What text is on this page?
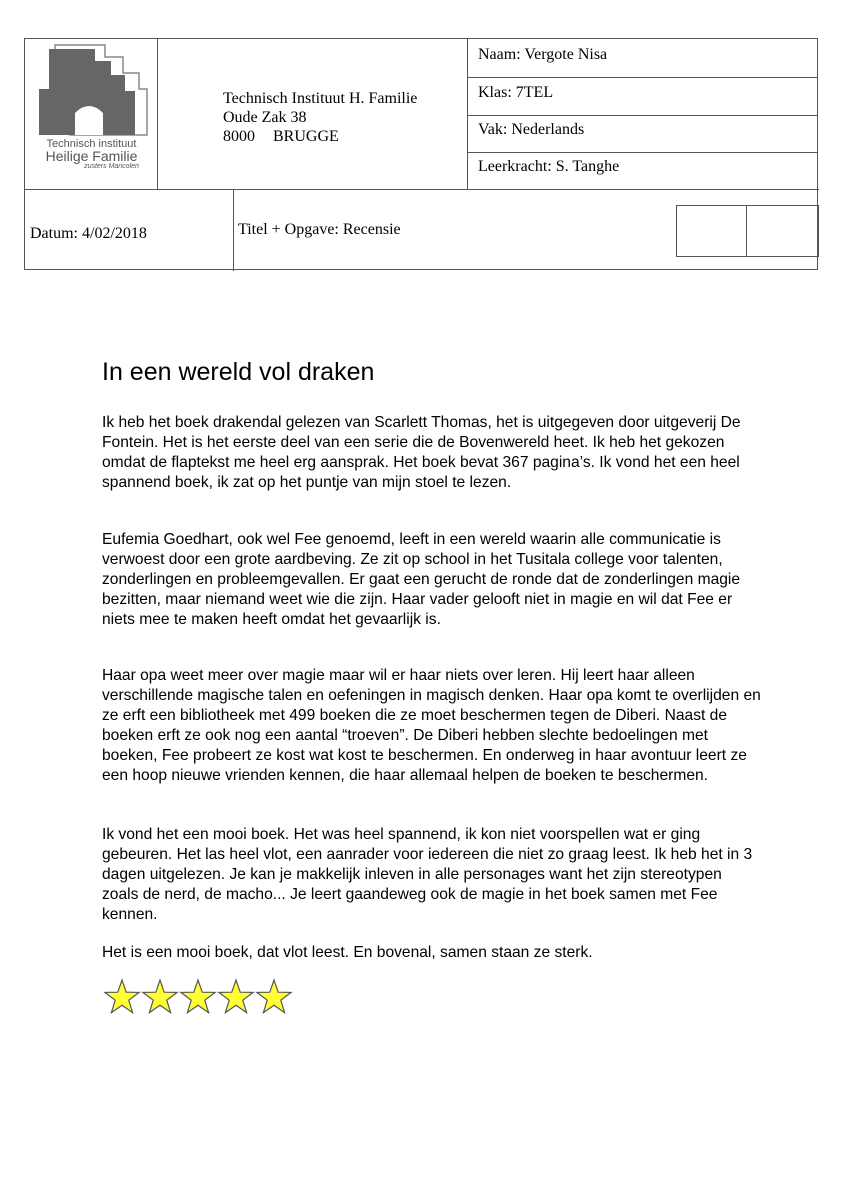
Technisch instituut
Heilige Familie
zusters Maricolen
Technisch Instituut H. Familie
Oude Zak 38
8000 BRUGGE
Naam: Vergote Nisa
Klas: 7TEL
Vak: Nederlands
Leerkracht: S. Tanghe
Datum: 4/02/2018	Titel + Opgave: Recensie
In een wereld vol draken

Ik heb het boek drakendal gelezen van Scarlett Thomas, het is uitgegeven door uitgeverij De Fontein. Het is het eerste deel van een serie die de Bovenwereld heet. Ik heb het gekozen omdat de flaptekst me heel erg aansprak. Het boek bevat 367 pagina’s. Ik vond het een heel spannend boek, ik zat op het puntje van mijn stoel te lezen.

Eufemia Goedhart, ook wel Fee genoemd, leeft in een wereld waarin alle communicatie is verwoest door een grote aardbeving. Ze zit op school in het Tusitala college voor talenten, zonderlingen en probleemgevallen. Er gaat een gerucht de ronde dat de zonderlingen magie bezitten, maar niemand weet wie die zijn. Haar vader gelooft niet in magie en wil dat Fee er niets mee te maken heeft omdat het gevaarlijk is.

Haar opa weet meer over magie maar wil er haar niets over leren. Hij leert haar alleen verschillende magische talen en oefeningen in magisch denken. Haar opa komt te overlijden en ze erft een bibliotheek met 499 boeken die ze moet beschermen tegen de Diberi. Naast de boeken erft ze ook nog een aantal “troeven”. De Diberi hebben slechte bedoelingen met boeken, Fee probeert ze kost wat kost te beschermen. En onderweg in haar avontuur leert ze een hoop nieuwe vrienden kennen, die haar allemaal helpen de boeken te beschermen.

Ik vond het een mooi boek. Het was heel spannend, ik kon niet voorspellen wat er ging gebeuren. Het las heel vlot, een aanrader voor iedereen die niet zo graag leest. Ik heb het in 3 dagen uitgelezen. Je kan je makkelijk inleven in alle personages want het zijn stereotypen zoals de nerd, de macho... Je leert gaandeweg ook de magie in het boek samen met Fee kennen.

Het is een mooi boek, dat vlot leest. En bovenal, samen staan ze sterk.
